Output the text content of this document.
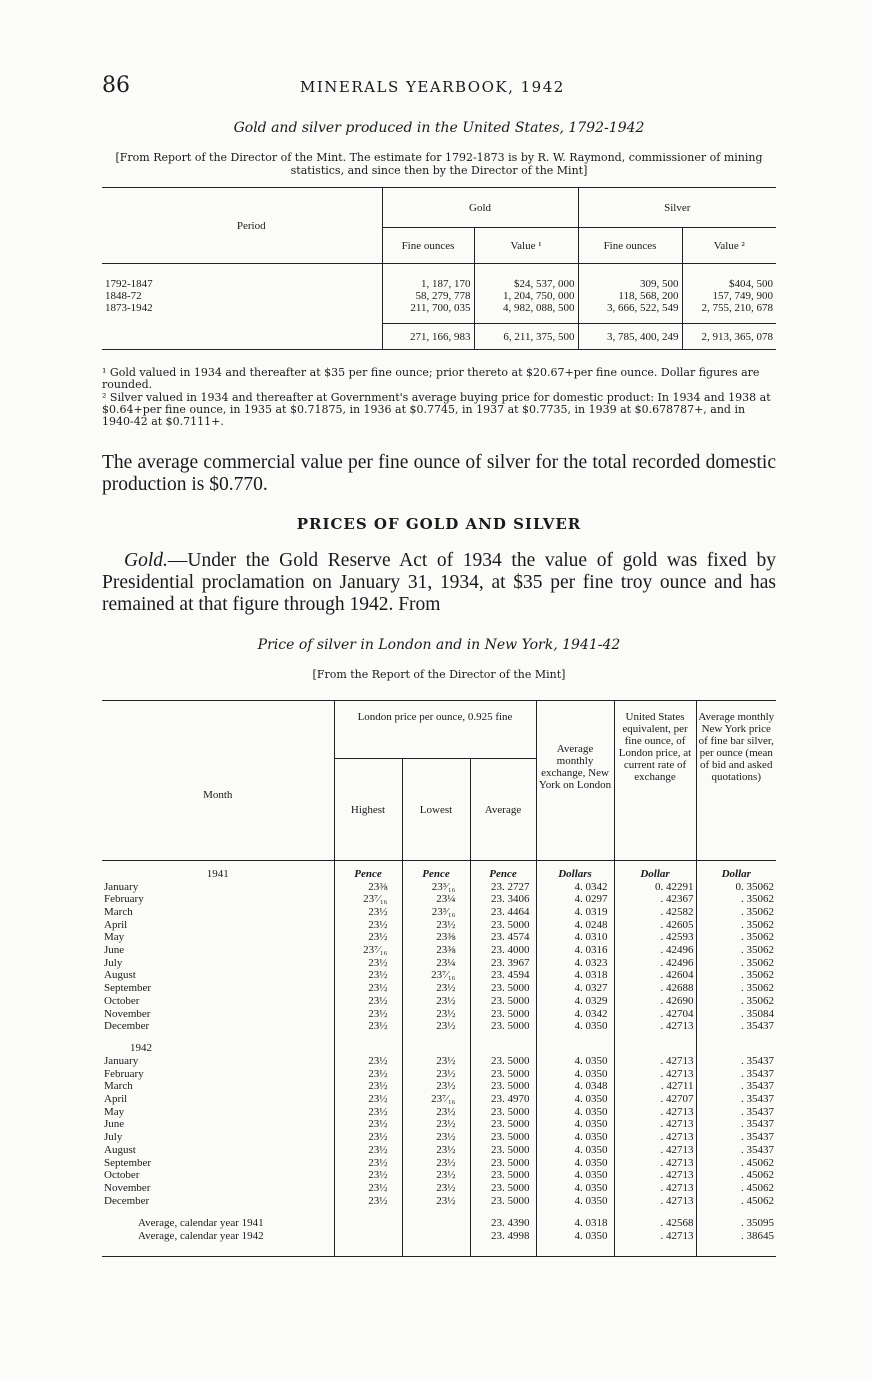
86	MINERALS YEARBOOK, 1942
Gold and silver produced in the United States, 1792-1942
[From Report of the Director of the Mint. The estimate for 1792-1873 is by R. W. Raymond, commissioner of mining statistics, and since then by the Director of the Mint]
Period	Gold		Silver	
	Fine ounces	Value ¹	Fine ounces	Value ²

1792-1847	1, 187, 170	$24, 537, 000	309, 500	$404, 500
1848-72	58, 279, 778	1, 204, 750, 000	118, 568, 200	157, 749, 900
1873-1942	211, 700, 035	4, 982, 088, 500	3, 666, 522, 549	2, 755, 210, 678

	271, 166, 983	6, 211, 375, 500	3, 785, 400, 249	2, 913, 365, 078
¹ Gold valued in 1934 and thereafter at $35 per fine ounce; prior thereto at $20.67+per fine ounce. Dollar figures are rounded.
² Silver valued in 1934 and thereafter at Government's average buying price for domestic product: In 1934 and 1938 at $0.64+per fine ounce, in 1935 at $0.71875, in 1936 at $0.7745, in 1937 at $0.7735, in 1939 at $0.678787+, and in 1940-42 at $0.7111+.
The average commercial value per fine ounce of silver for the total recorded domestic production is $0.770.
PRICES OF GOLD AND SILVER
Gold.—Under the Gold Reserve Act of 1934 the value of gold was fixed by Presidential proclamation on January 31, 1934, at $35 per fine troy ounce and has remained at that figure through 1942. From
Price of silver in London and in New York, 1941-42
[From the Report of the Director of the Mint]
Month	London price per ounce, 0.925 fine			Average monthly exchange, New York on London	United States equivalent, per fine ounce, of London price, at current rate of exchange	Average monthly New York price of fine bar silver, per ounce (mean of bid and asked quotations)
	Highest	Lowest	Average			
1941	Pence	Pence	Pence	Dollars	Dollar	Dollar
January	23⅜	23³⁄₁₆	23. 2727	4. 0342	0. 42291	0. 35062
February	23⁷⁄₁₆	23¼	23. 3406	4. 0297	. 42367	. 35062
March	23½	23³⁄₁₆	23. 4464	4. 0319	. 42582	. 35062
April	23½	23½	23. 5000	4. 0248	. 42605	. 35062
May	23½	23⅜	23. 4574	4. 0310	. 42593	. 35062
June	23⁷⁄₁₆	23⅜	23. 4000	4. 0316	. 42496	. 35062
July	23½	23¼	23. 3967	4. 0323	. 42496	. 35062
August	23½	23⁷⁄₁₆	23. 4594	4. 0318	. 42604	. 35062
September	23½	23½	23. 5000	4. 0327	. 42688	. 35062
October	23½	23½	23. 5000	4. 0329	. 42690	. 35062
November	23½	23½	23. 5000	4. 0342	. 42704	. 35084
December	23½	23½	23. 5000	4. 0350	. 42713	. 35437
1942						
January	23½	23½	23. 5000	4. 0350	. 42713	. 35437
February	23½	23½	23. 5000	4. 0350	. 42713	. 35437
March	23½	23½	23. 5000	4. 0348	. 42711	. 35437
April	23½	23⁷⁄₁₆	23. 4970	4. 0350	. 42707	. 35437
May	23½	23½	23. 5000	4. 0350	. 42713	. 35437
June	23½	23½	23. 5000	4. 0350	. 42713	. 35437
July	23½	23½	23. 5000	4. 0350	. 42713	. 35437
August	23½	23½	23. 5000	4. 0350	. 42713	. 35437
September	23½	23½	23. 5000	4. 0350	. 42713	. 45062
October	23½	23½	23. 5000	4. 0350	. 42713	. 45062
November	23½	23½	23. 5000	4. 0350	. 42713	. 45062
December	23½	23½	23. 5000	4. 0350	. 42713	. 45062

Average, calendar year 1941			23. 4390	4. 0318	. 42568	. 35095
Average, calendar year 1942			23. 4998	4. 0350	. 42713	. 38645
